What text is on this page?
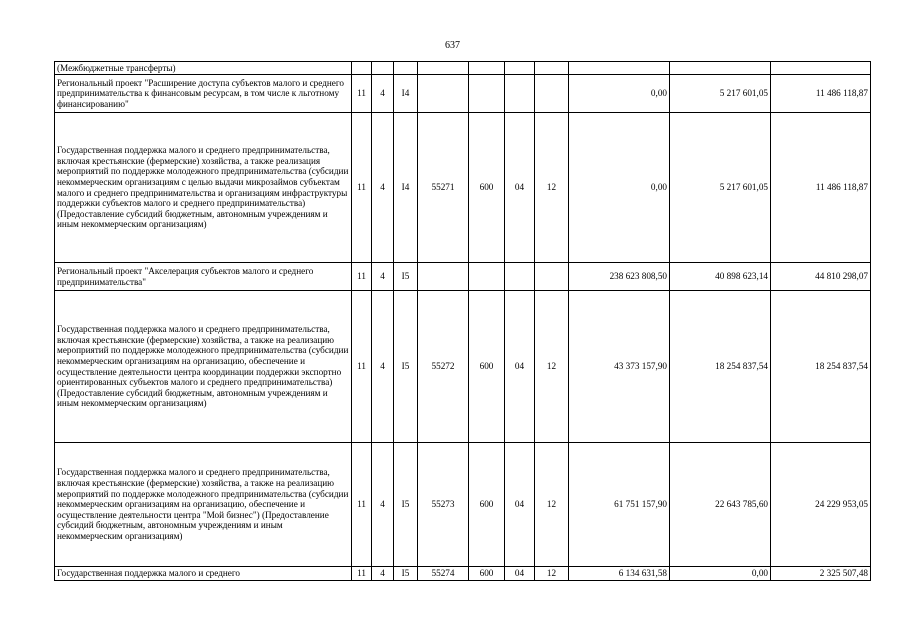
637
(Межбюджетные трансферты)										
Региональный проект "Расширение доступа субъектов малого и среднего предпринимательства к финансовым ресурсам, в том числе к льготному финансированию"	11	4	I4					0,00	5 217 601,05	11 486 118,87
Государственная поддержка малого и среднего предпринимательства, включая крестьянские (фермерские) хозяйства, а также реализация мероприятий по поддержке молодежного предпринимательства (субсидии некоммерческим организациям с целью выдачи микрозаймов субъектам малого и среднего предпринимательства и организациям инфраструктуры поддержки субъектов малого и среднего предпринимательства) (Предоставление субсидий бюджетным, автономным учреждениям и иным некоммерческим организациям)	11	4	I4	55271	600	04	12	0,00	5 217 601,05	11 486 118,87
Региональный проект "Акселерация субъектов малого и среднего предпринимательства"	11	4	I5					238 623 808,50	40 898 623,14	44 810 298,07
Государственная поддержка малого и среднего предпринимательства, включая крестьянские (фермерские) хозяйства, а также на реализацию мероприятий по поддержке молодежного предпринимательства (субсидии некоммерческим организациям на организацию, обеспечение и осуществление деятельности центра координации поддержки экспортно ориентированных субъектов малого и среднего предпринимательства) (Предоставление субсидий бюджетным, автономным учреждениям и иным некоммерческим организациям)	11	4	I5	55272	600	04	12	43 373 157,90	18 254 837,54	18 254 837,54
Государственная поддержка малого и среднего предпринимательства, включая крестьянские (фермерские) хозяйства, а также на реализацию мероприятий по поддержке молодежного предпринимательства (субсидии некоммерческим организациям на организацию, обеспечение и осуществление деятельности центра "Мой бизнес") (Предоставление субсидий бюджетным, автономным учреждениям и иным некоммерческим организациям)	11	4	I5	55273	600	04	12	61 751 157,90	22 643 785,60	24 229 953,05
Государственная поддержка малого и среднего	11	4	I5	55274	600	04	12	6 134 631,58	0,00	2 325 507,48
